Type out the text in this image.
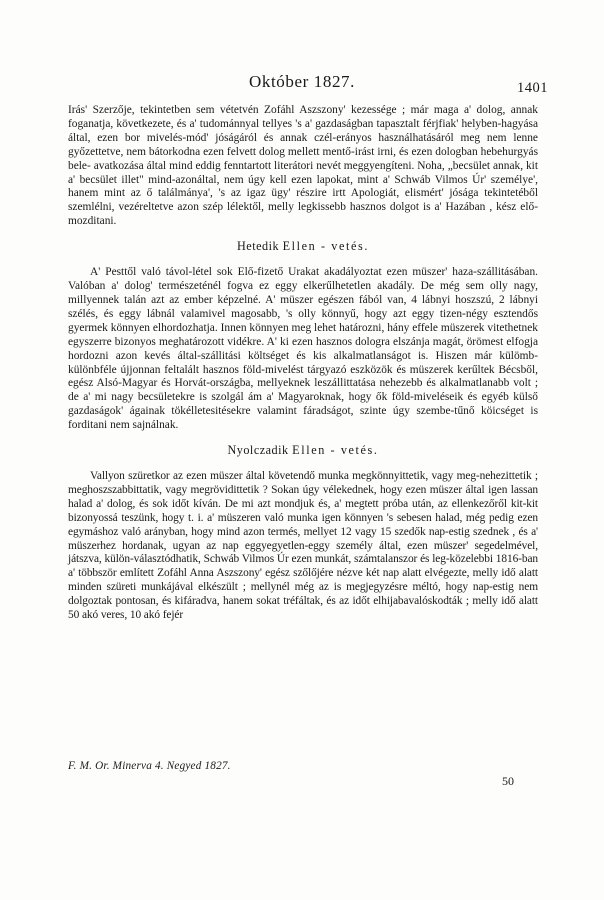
Október 1827.	1401

Irás' Szerzője, tekintetben sem vétetvén Zofáhl Aszszony' kezessége ; már maga a' dolog, annak foganatja, következete, és a' tudománnyal tellyes 's a' gazdaságban tapasztalt férjfiak' helyben-hagyása által, ezen bor mivelés-mód' jóságáról és annak czél-erányos használhatásáról meg nem lenne győzettetve, nem bátorkodna ezen felvett dolog mellett mentő-irást irni, és ezen dologban hebehurgyás bele- avatkozása által mind eddig fenntartott literátori nevét meggyengíteni. Noha, „becsület annak, kit a' becsület illet" mind-azonáltal, nem úgy kell ezen lapokat, mint a' Schwáb Vilmos Úr' személye', hanem mint az ő találmánya', 's az igaz ügy' részire irtt Apologiát, elismért' jósága tekintetéből szemlélni, vezéreltetve azon szép lélektől, melly legkissebb hasznos dolgot is a' Hazában , kész elő-mozditani.

Hetedik Ellen - vetés.

A' Pesttől való távol-létel sok Elő-fizető Urakat akadályoztat ezen müszer' haza-szállitásában. Valóban a' dolog' természeténél fogva ez eggy elkerűlhetetlen akadály. De még sem olly nagy, millyennek talán azt az ember képzelné. A' müszer egészen fából van, 4 lábnyi hoszszú, 2 lábnyi szélés, és eggy lábnál valamivel magosabb, 's olly könnyű, hogy azt eggy tizen-négy esztendős gyermek könnyen elhordozhatja. Innen könnyen meg lehet határozni, hány effele müszerek vitethetnek egyszerre bizonyos meghatározott vidékre. A' ki ezen hasznos dologra elszánja magát, örömest elfogja hordozni azon kevés által-szállitási költséget és kis alkalmatlanságot is. Hiszen már külömb-különbféle újjonnan feltalált hasznos föld-mivelést tárgyazó eszközök és müszerek kerűltek Bécsből, egész Alsó-Magyar és Horvát-országba, mellyeknek leszállittatása nehezebb és alkalmatlanabb volt ; de a' mi nagy becsületekre is szolgál ám a' Magyaroknak, hogy ők föld-miveléseik és egyéb külső gazdaságok' ágainak tökélletesitésekre valamint fáradságot, szinte úgy szembe-tűnő köicséget is forditani nem sajnálnak.

Nyolczadik Ellen - vetés.

Vallyon szüretkor az ezen müszer által követendő munka megkönnyittetik, vagy meg-nehezittetik ; meghoszszabbittatik, vagy megrövidittetik ? Sokan úgy vélekednek, hogy ezen müszer által igen lassan halad a' dolog, és sok időt kíván. De mi azt mondjuk és, a' megtett próba után, az ellenkezőről kit-kit bizonyossá teszünk, hogy t. i. a' müszeren való munka igen könnyen 's sebesen halad, még pedig ezen egymáshoz való arányban, hogy mind azon termés, mellyet 12 vagy 15 szedők nap-estig szednek , és a' müszerhez hordanak, ugyan az nap eggyegyetlen-eggy személy által, ezen müszer' segedelmével, játszva, külön-választódhatik, Schwáb Vilmos Úr ezen munkát, számtalanszor és leg-közelebbi 1816-ban a' többször említett Zofáhl Anna Aszszony' egész szőlőjére nézve két nap alatt elvégezte, melly idő alatt minden szüreti munkájával elkészült ; mellynél még az is megjegyzésre méltó, hogy nap-estig nem dolgoztak pontosan, és kifáradva, hanem sokat tréfáltak, és az időt elhijabavalóskodták ; melly idő alatt 50 akó veres, 10 akó fejér

F. M. Or. Minerva 4. Negyed 1827.
50
